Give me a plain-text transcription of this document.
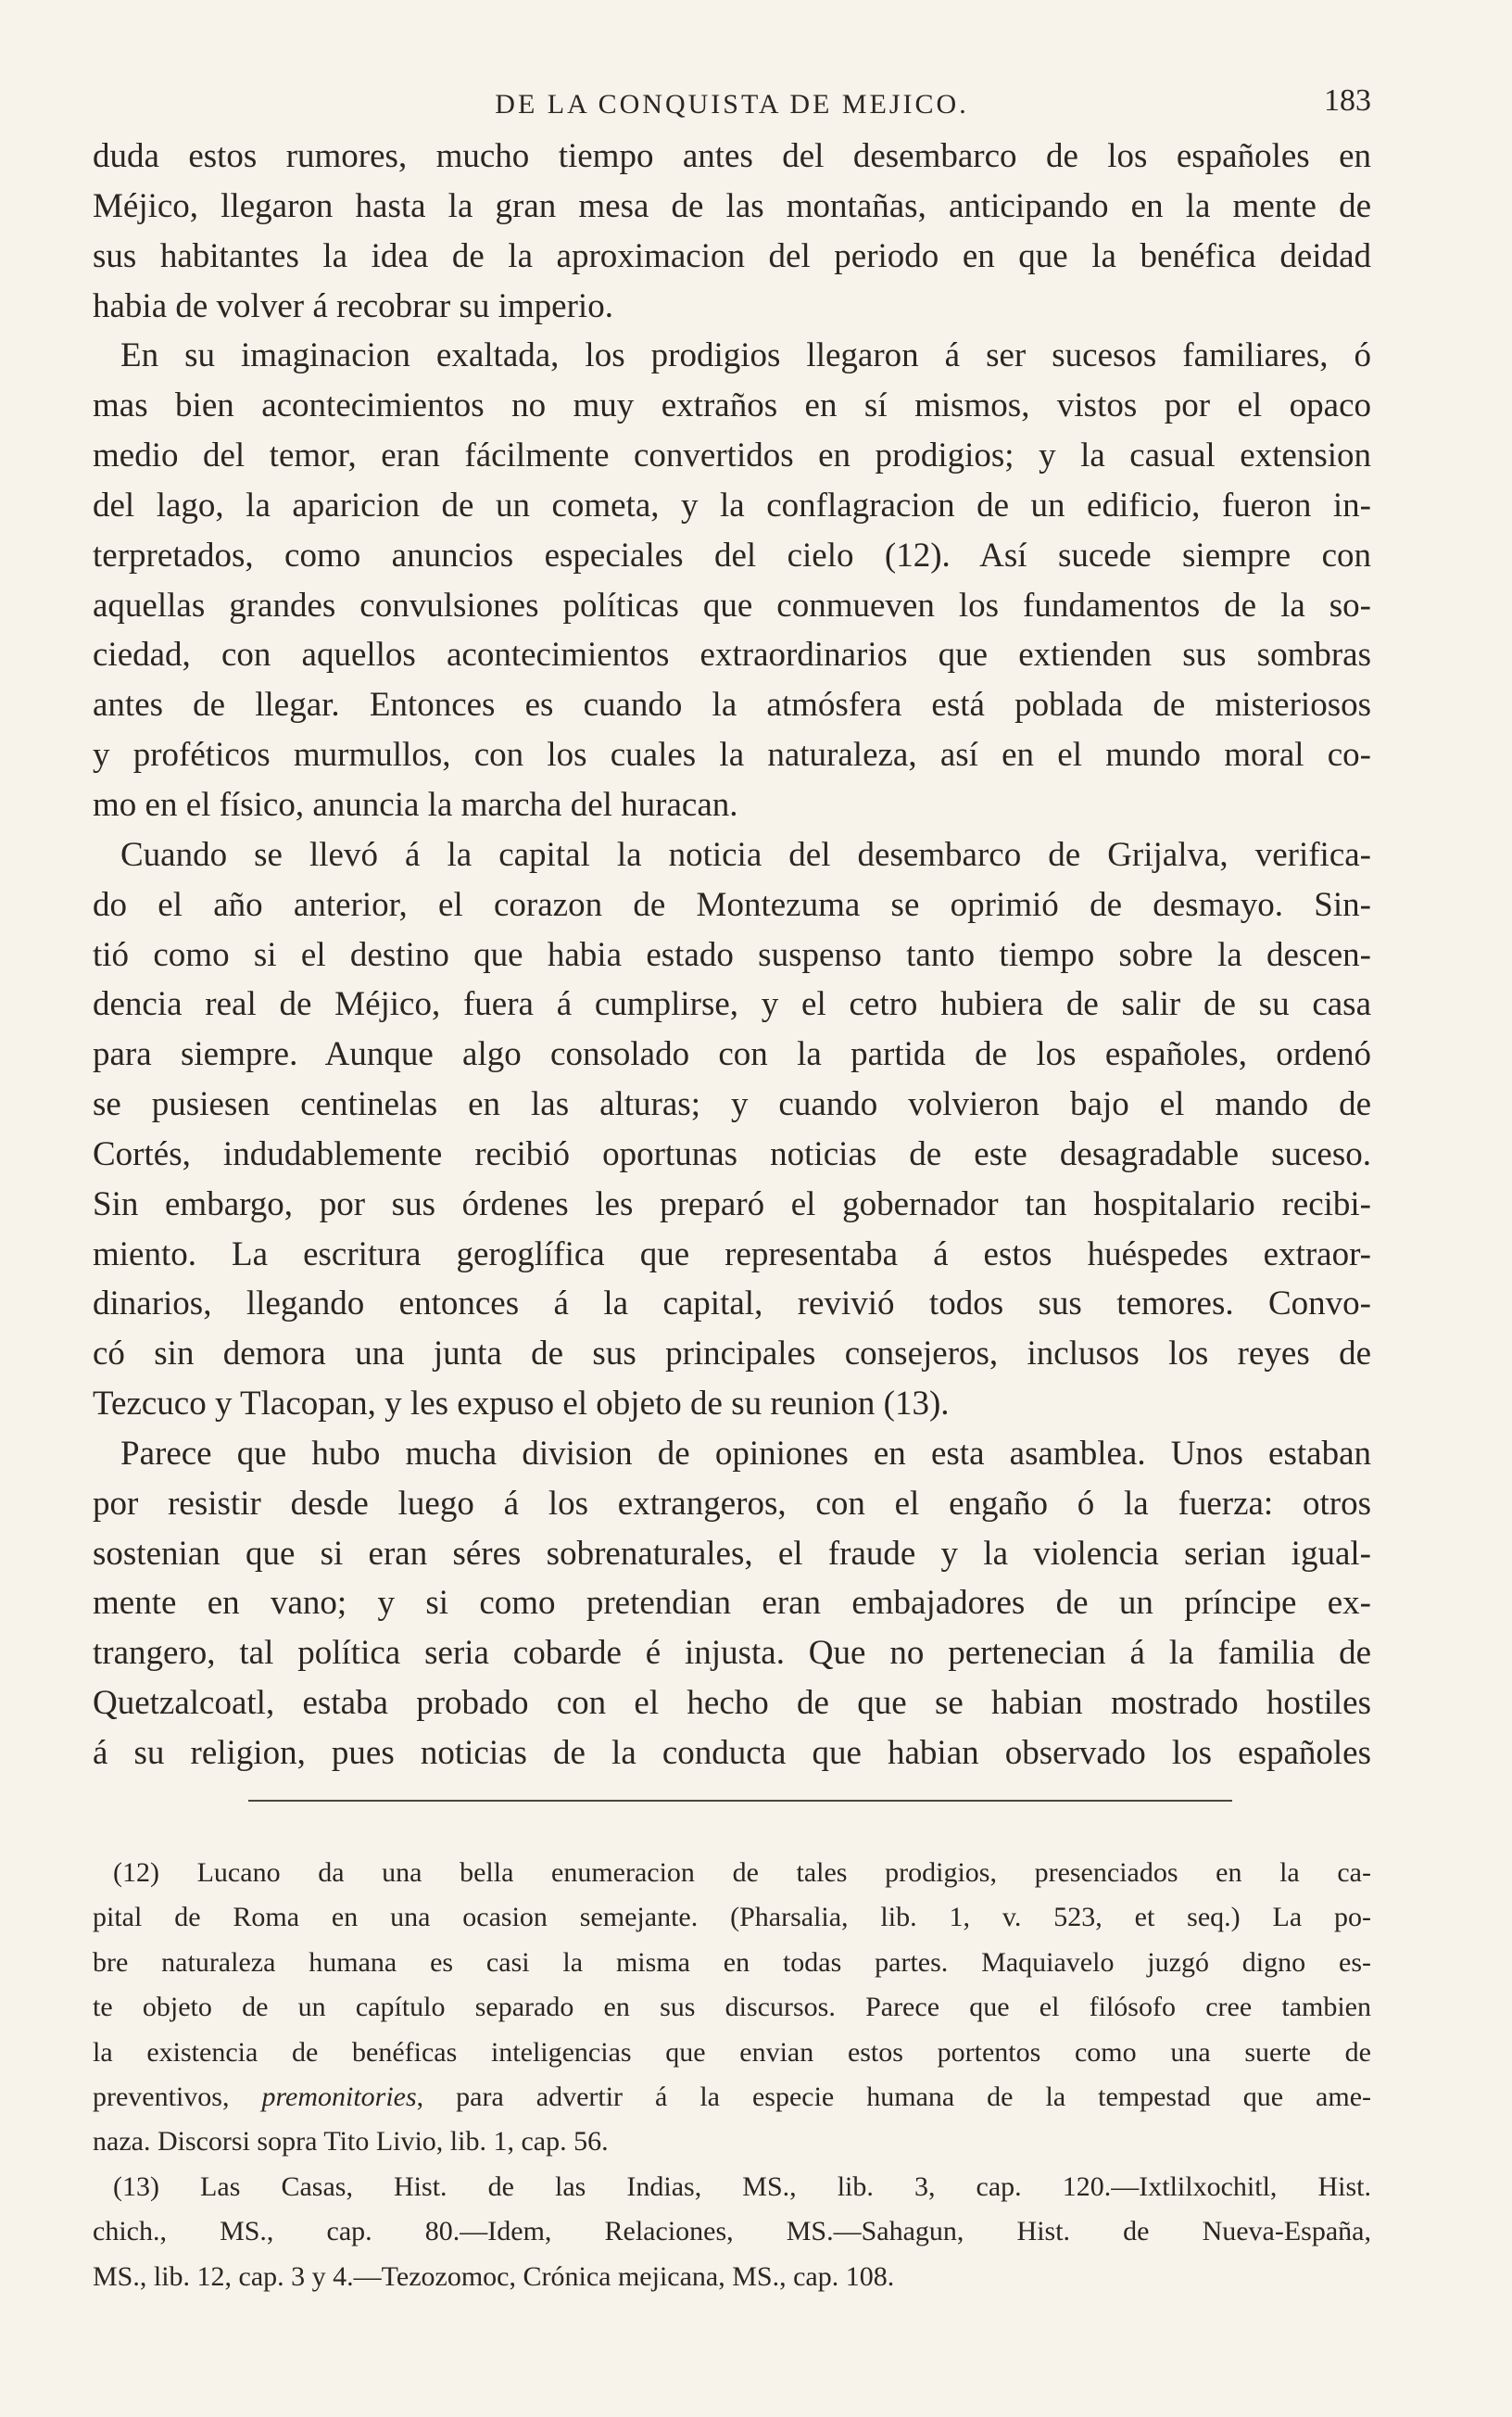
DE LA CONQUISTA DE MEJICO.	183
duda estos rumores, mucho tiempo antes del desembarco de los españoles en
Méjico, llegaron hasta la gran mesa de las montañas, anticipando en la mente de
sus habitantes la idea de la aproximacion del periodo en que la benéfica deidad
habia de volver á recobrar su imperio.
En su imaginacion exaltada, los prodigios llegaron á ser sucesos familiares, ó
mas bien acontecimientos no muy extraños en sí mismos, vistos por el opaco
medio del temor, eran fácilmente convertidos en prodigios; y la casual extension
del lago, la aparicion de un cometa, y la conflagracion de un edificio, fueron in-
terpretados, como anuncios especiales del cielo (12). Así sucede siempre con
aquellas grandes convulsiones políticas que conmueven los fundamentos de la so-
ciedad, con aquellos acontecimientos extraordinarios que extienden sus sombras
antes de llegar. Entonces es cuando la atmósfera está poblada de misteriosos
y proféticos murmullos, con los cuales la naturaleza, así en el mundo moral co-
mo en el físico, anuncia la marcha del huracan.
Cuando se llevó á la capital la noticia del desembarco de Grijalva, verifica-
do el año anterior, el corazon de Montezuma se oprimió de desmayo. Sin-
tió como si el destino que habia estado suspenso tanto tiempo sobre la descen-
dencia real de Méjico, fuera á cumplirse, y el cetro hubiera de salir de su casa
para siempre. Aunque algo consolado con la partida de los españoles, ordenó
se pusiesen centinelas en las alturas; y cuando volvieron bajo el mando de
Cortés, indudablemente recibió oportunas noticias de este desagradable suceso.
Sin embargo, por sus órdenes les preparó el gobernador tan hospitalario recibi-
miento. La escritura geroglífica que representaba á estos huéspedes extraor-
dinarios, llegando entonces á la capital, revivió todos sus temores. Convo-
có sin demora una junta de sus principales consejeros, inclusos los reyes de
Tezcuco y Tlacopan, y les expuso el objeto de su reunion (13).
Parece que hubo mucha division de opiniones en esta asamblea. Unos estaban
por resistir desde luego á los extrangeros, con el engaño ó la fuerza: otros
sostenian que si eran séres sobrenaturales, el fraude y la violencia serian igual-
mente en vano; y si como pretendian eran embajadores de un príncipe ex-
trangero, tal política seria cobarde é injusta. Que no pertenecian á la familia de
Quetzalcoatl, estaba probado con el hecho de que se habian mostrado hostiles
á su religion, pues noticias de la conducta que habian observado los españoles
(12) Lucano da una bella enumeracion de tales prodigios, presenciados en la ca-
pital de Roma en una ocasion semejante. (Pharsalia, lib. 1, v. 523, et seq.) La po-
bre naturaleza humana es casi la misma en todas partes. Maquiavelo juzgó digno es-
te objeto de un capítulo separado en sus discursos. Parece que el filósofo cree tambien
la existencia de benéficas inteligencias que envian estos portentos como una suerte de
preventivos, premonitories, para advertir á la especie humana de la tempestad que ame-
naza. Discorsi sopra Tito Livio, lib. 1, cap. 56.
(13) Las Casas, Hist. de las Indias, MS., lib. 3, cap. 120.—Ixtlilxochitl, Hist.
chich., MS., cap. 80.—Idem, Relaciones, MS.—Sahagun, Hist. de Nueva-España,
MS., lib. 12, cap. 3 y 4.—Tezozomoc, Crónica mejicana, MS., cap. 108.
